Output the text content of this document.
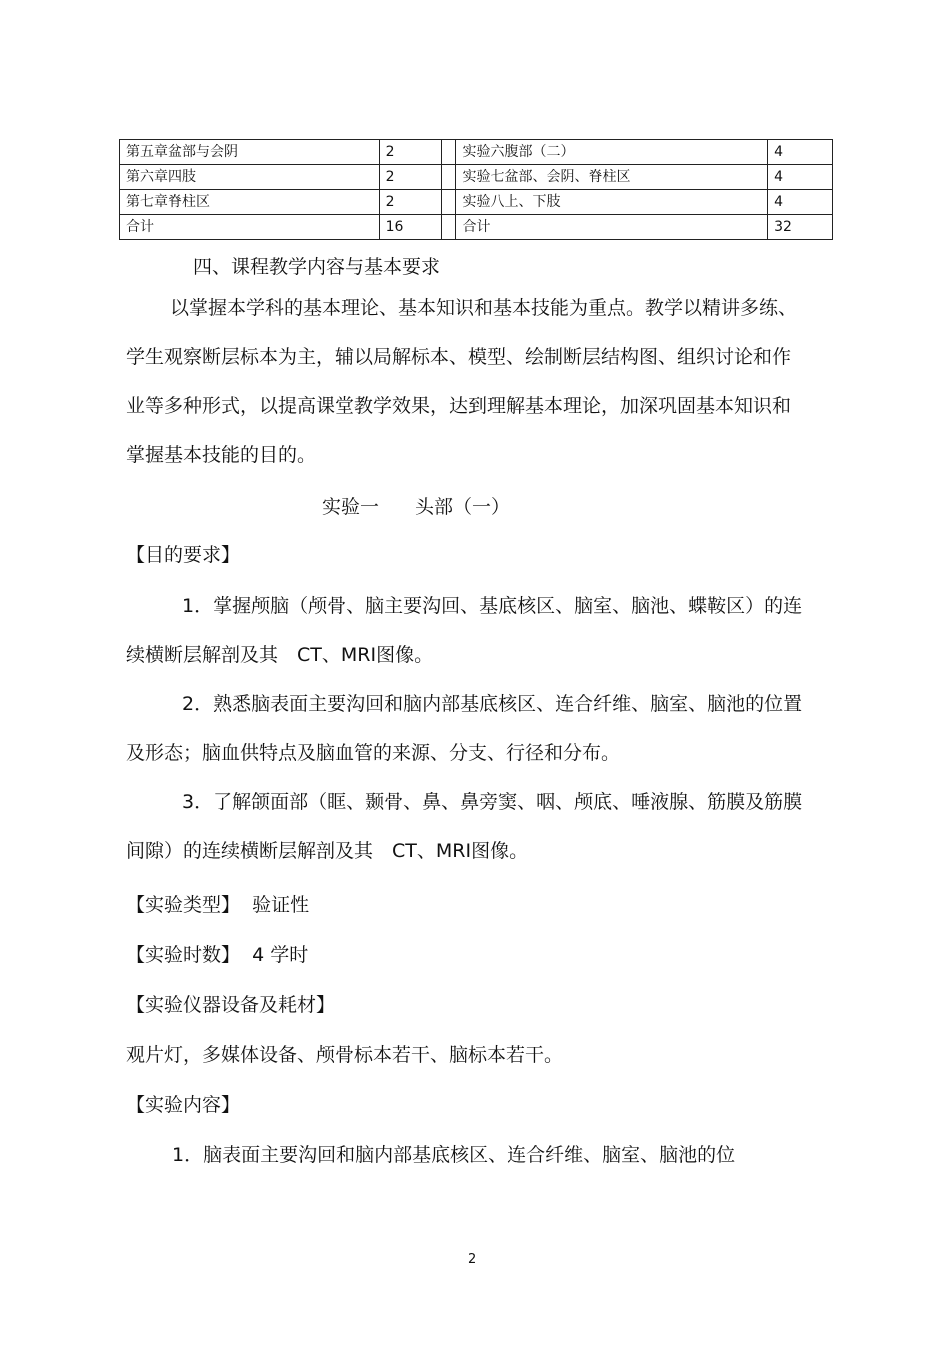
第五章盆部与会阴	2		实验六腹部（二）	4
第六章四肢	2		实验七盆部、会阴、脊柱区	4
第七章脊柱区	2		实验八上、下肢	4
合计	16		合计	32
四、课程教学内容与基本要求

以掌握本学科的基本理论、基本知识和基本技能为重点。教学以精讲多练、学生观察断层标本为主，辅以局解标本、模型、绘制断层结构图、组织讨论和作业等多种形式，以提高课堂教学效果，达到理解基本理论，加深巩固基本知识和掌握基本技能的目的。

实验一 头部（一）
【目的要求】

1．掌握颅脑（颅骨、脑主要沟回、基底核区、脑室、脑池、蝶鞍区）的连续横断层解剖及其　CT、MRI图像。

2．熟悉脑表面主要沟回和脑内部基底核区、连合纤维、脑室、脑池的位置及形态；脑血供特点及脑血管的来源、分支、行径和分布。

3．了解颌面部（眶、颞骨、鼻、鼻旁窦、咽、颅底、唾液腺、筋膜及筋膜间隙）的连续横断层解剖及其　CT、MRI图像。

【实验类型】 验证性
【实验时数】 4 学时
【实验仪器设备及耗材】
观片灯，多媒体设备、颅骨标本若干、脑标本若干。
【实验内容】
1．脑表面主要沟回和脑内部基底核区、连合纤维、脑室、脑池的位
2
